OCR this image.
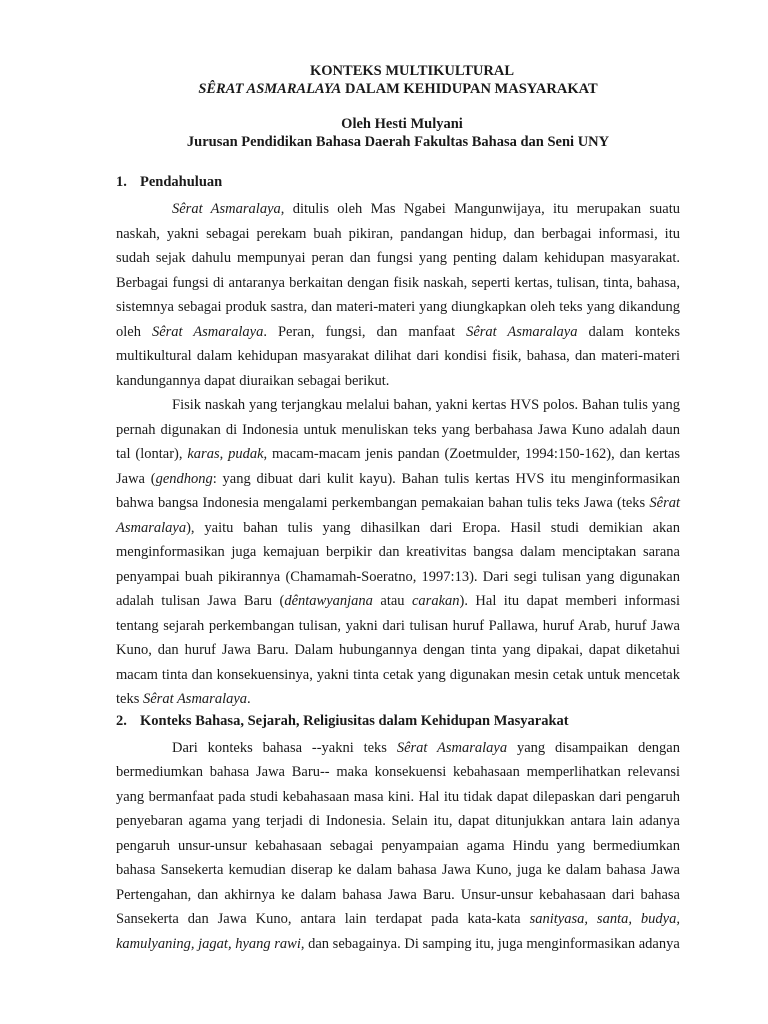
KONTEKS MULTIKULTURAL
SÊRAT ASMARALAYA DALAM KEHIDUPAN MASYARAKAT
Oleh Hesti Mulyani
Jurusan Pendidikan Bahasa Daerah Fakultas Bahasa dan Seni UNY
1. Pendahuluan

Sêrat Asmaralaya, ditulis oleh Mas Ngabei Mangunwijaya, itu merupakan suatu naskah, yakni sebagai perekam buah pikiran, pandangan hidup, dan berbagai informasi, itu sudah sejak dahulu mempunyai peran dan fungsi yang penting dalam kehidupan masyarakat. Berbagai fungsi di antaranya berkaitan dengan fisik naskah, seperti kertas, tulisan, tinta, bahasa, sistemnya sebagai produk sastra, dan materi-materi yang diungkapkan oleh teks yang dikandung oleh Sêrat Asmaralaya. Peran, fungsi, dan manfaat Sêrat Asmaralaya dalam konteks multikultural dalam kehidupan masyarakat dilihat dari kondisi fisik, bahasa, dan materi-materi kandungannya dapat diuraikan sebagai berikut.

Fisik naskah yang terjangkau melalui bahan, yakni kertas HVS polos. Bahan tulis yang pernah digunakan di Indonesia untuk menuliskan teks yang berbahasa Jawa Kuno adalah daun tal (lontar), karas, pudak, macam-macam jenis pandan (Zoetmulder, 1994:150-162), dan kertas Jawa (gendhong: yang dibuat dari kulit kayu). Bahan tulis kertas HVS itu menginformasikan bahwa bangsa Indonesia mengalami perkembangan pemakaian bahan tulis teks Jawa (teks Sêrat Asmaralaya), yaitu bahan tulis yang dihasilkan dari Eropa. Hasil studi demikian akan menginformasikan juga kemajuan berpikir dan kreativitas bangsa dalam menciptakan sarana penyampai buah pikirannya (Chamamah-Soeratno, 1997:13). Dari segi tulisan yang digunakan adalah tulisan Jawa Baru (dêntawyanjana atau carakan). Hal itu dapat memberi informasi tentang sejarah perkembangan tulisan, yakni dari tulisan huruf Pallawa, huruf Arab, huruf Jawa Kuno, dan huruf Jawa Baru. Dalam hubungannya dengan tinta yang dipakai, dapat diketahui macam tinta dan konsekuensinya, yakni tinta cetak yang digunakan mesin cetak untuk mencetak teks Sêrat Asmaralaya.

2. Konteks Bahasa, Sejarah, Religiusitas dalam Kehidupan Masyarakat

Dari konteks bahasa --yakni teks Sêrat Asmaralaya yang disampaikan dengan bermediumkan bahasa Jawa Baru-- maka konsekuensi kebahasaan memperlihatkan relevansi yang bermanfaat pada studi kebahasaan masa kini. Hal itu tidak dapat dilepaskan dari pengaruh penyebaran agama yang terjadi di Indonesia. Selain itu, dapat ditunjukkan antara lain adanya pengaruh unsur-unsur kebahasaan sebagai penyampaian agama Hindu yang bermediumkan bahasa Sansekerta kemudian diserap ke dalam bahasa Jawa Kuno, juga ke dalam bahasa Jawa Pertengahan, dan akhirnya ke dalam bahasa Jawa Baru. Unsur-unsur kebahasaan dari bahasa Sansekerta dan Jawa Kuno, antara lain terdapat pada kata-kata sanityasa, santa, budya, kamulyaning, jagat, hyang rawi, dan sebagainya. Di samping itu, juga menginformasikan adanya
